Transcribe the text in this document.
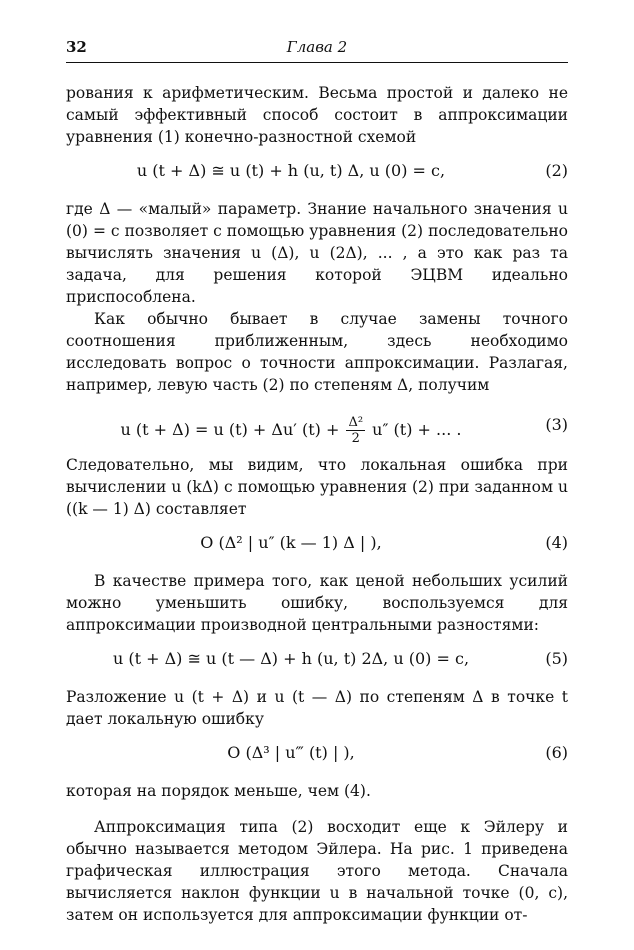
32	Глава 2

рования к арифметическим. Весьма простой и далеко не самый эффективный способ состоит в аппроксимации уравнения (1) конечно-разностной схемой

u (t + Δ) ≅ u (t) + h (u, t) Δ, u (0) = c,	(2)

где Δ — «малый» параметр. Знание начального значения u (0) = c позволяет с помощью уравнения (2) последовательно вычислять значения u (Δ), u (2Δ), ... , а это как раз та задача, для решения которой ЭЦВМ идеально приспособлена.

Как обычно бывает в случае замены точного соотношения приближенным, здесь необходимо исследовать вопрос о точности аппроксимации. Разлагая, например, левую часть (2) по степеням Δ, получим

u (t + Δ) = u (t) + Δu′ $(t) + \frac{\text{Δ²}}{2} u''$ (t) + ... .	(3)

Следовательно, мы видим, что локальная ошибка при вычислении u (kΔ) с помощью уравнения (2) при заданном u ((k — 1) Δ) составляет

O (Δ² | u″ (k — 1) Δ | ),	(4)

В качестве примера того, как ценой небольших усилий можно уменьшить ошибку, воспользуемся для аппроксимации производной центральными разностями:

u (t + Δ) ≅ u (t — Δ) + h (u, t) 2Δ, u (0) = c,	(5)

Разложение u (t + Δ) и u (t — Δ) по степеням Δ в точке t дает локальную ошибку

O (Δ³ | u‴ (t) | ),	(6)

которая на порядок меньше, чем (4).

Аппроксимация типа (2) восходит еще к Эйлеру и обычно называется методом Эйлера. На рис. 1 приведена графическая иллюстрация этого метода. Сначала вычисляется наклон функции u в начальной точке (0, c), затем он используется для аппроксимации функции от-
